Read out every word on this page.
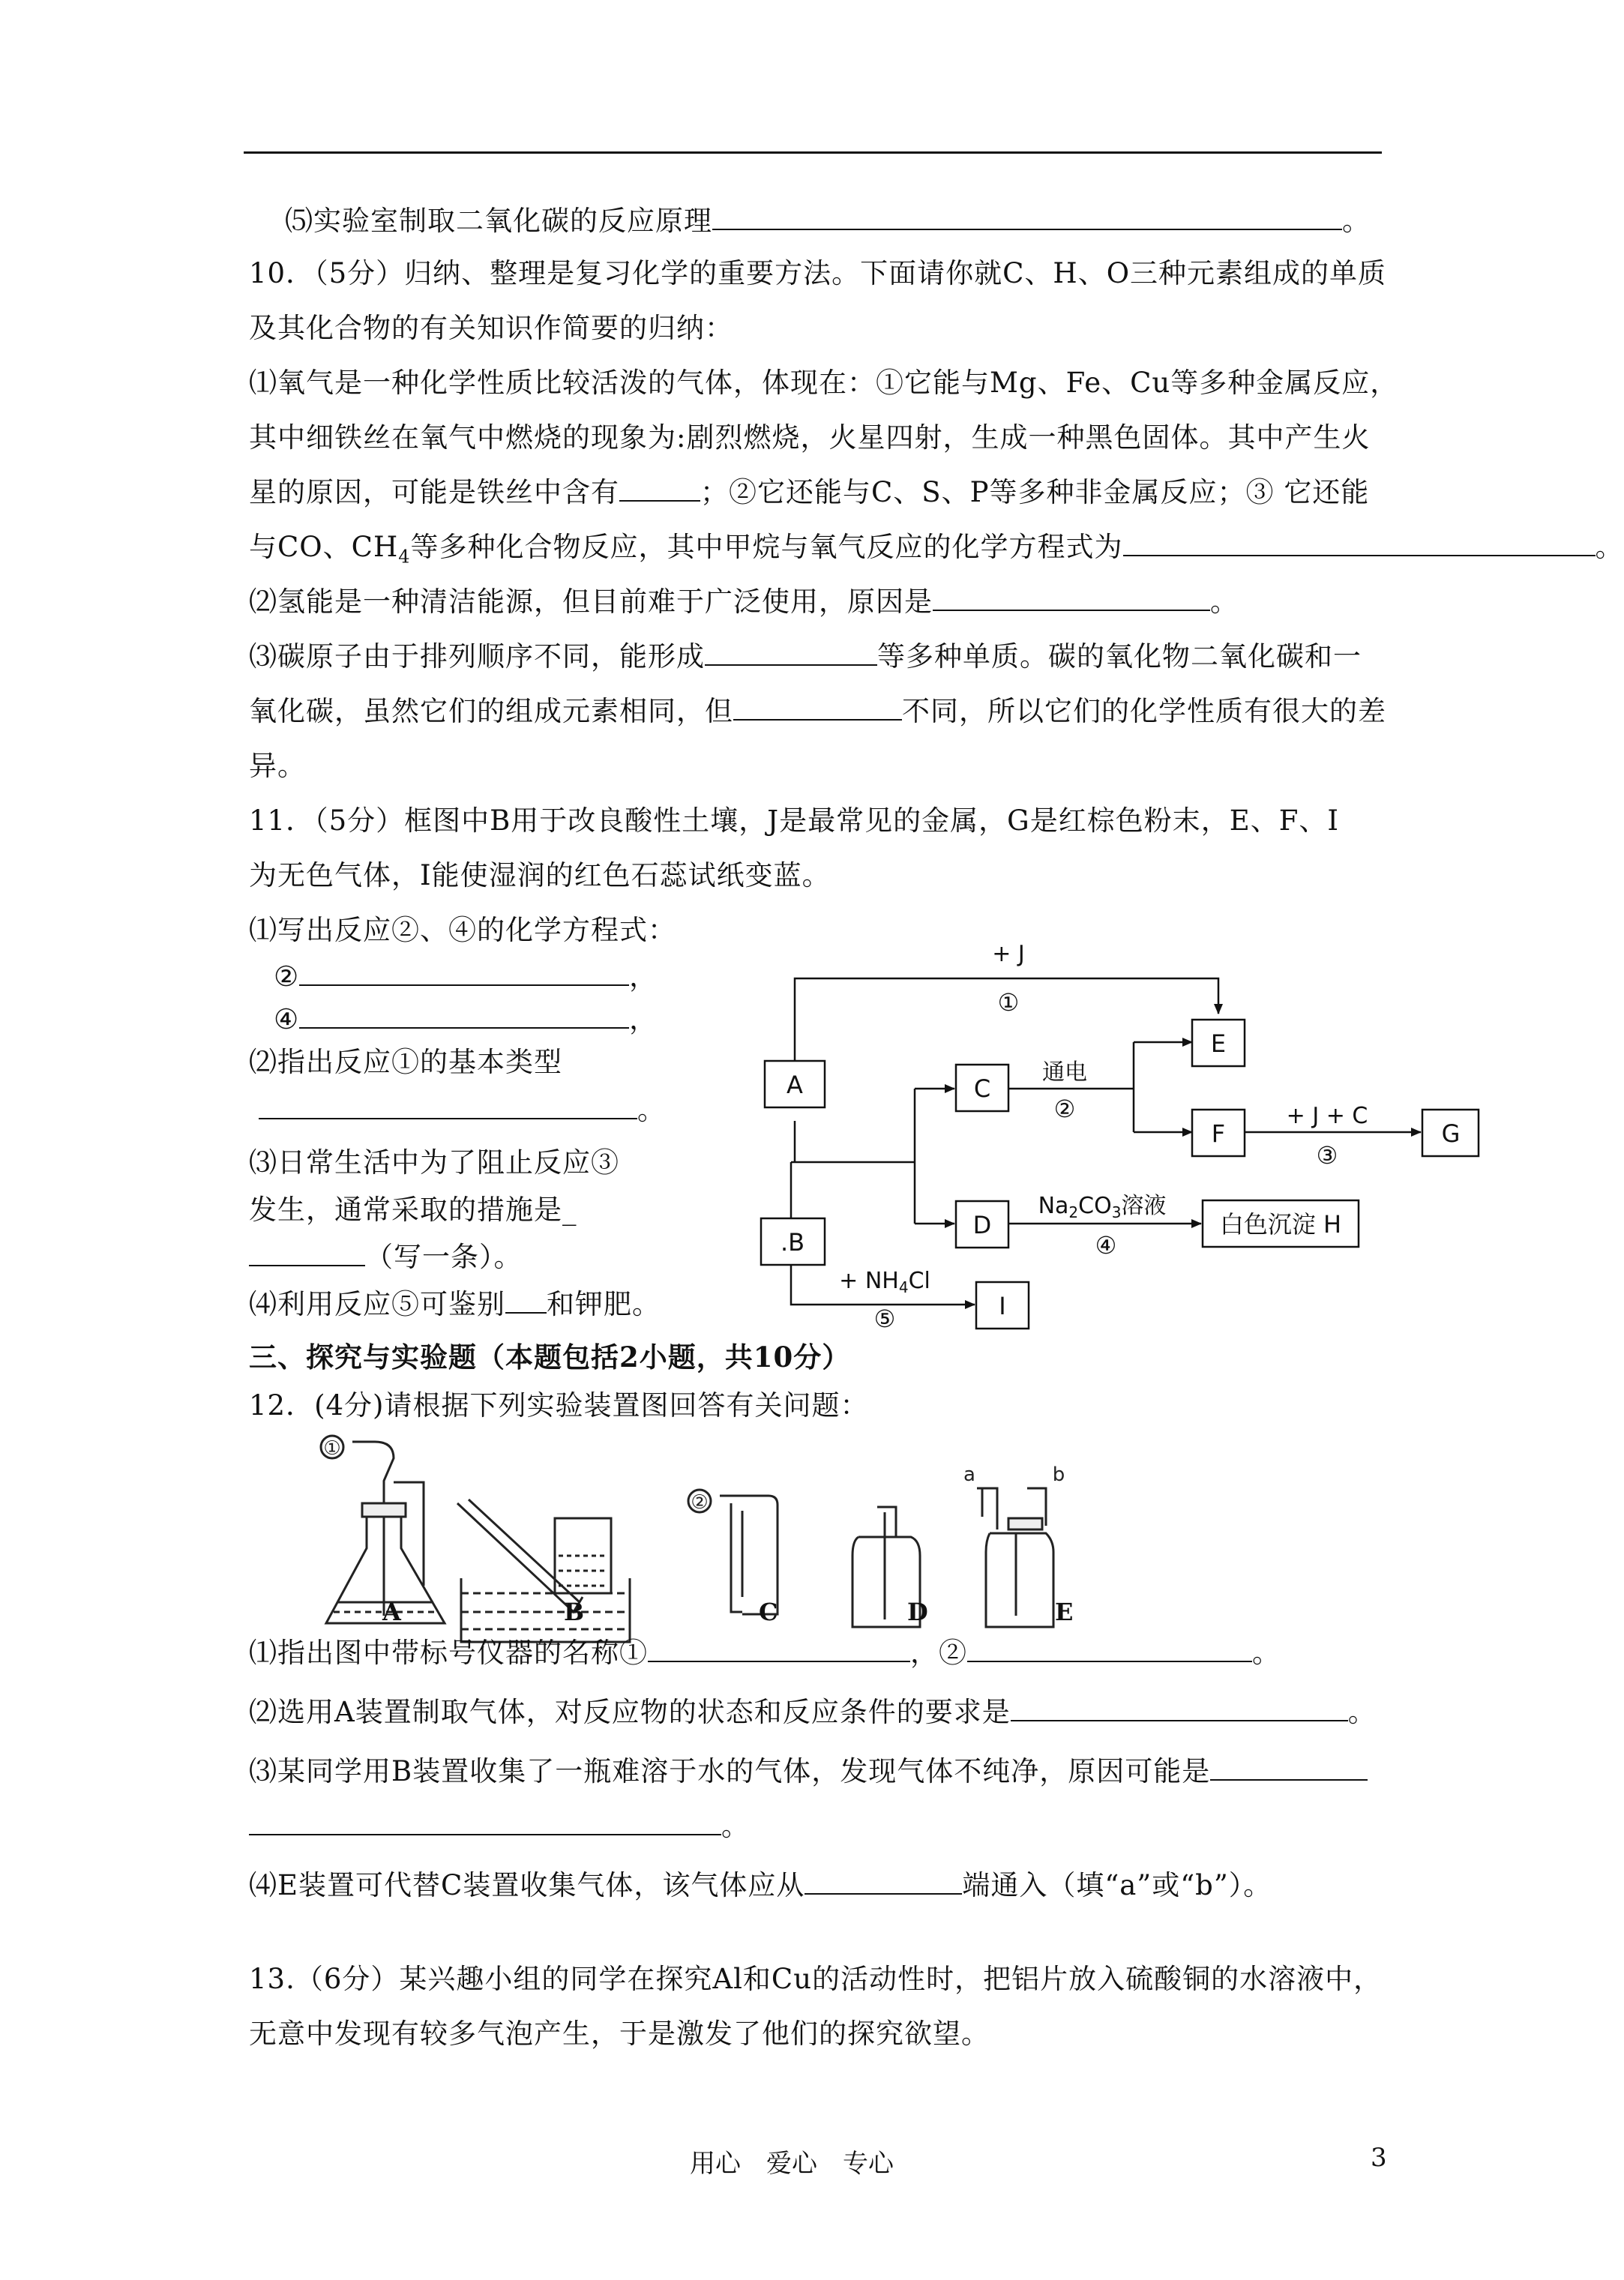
⑸实验室制取二氧化碳的反应原理	。
10．（5分）归纳、整理是复习化学的重要方法。下面请你就C、H、O三种元素组成的单质
及其化合物的有关知识作简要的归纳：
⑴氧气是一种化学性质比较活泼的气体，体现在：①它能与Mg、Fe、Cu等多种金属反应，
其中细铁丝在氧气中燃烧的现象为:剧烈燃烧，火星四射，生成一种黑色固体。其中产生火
星的原因，可能是铁丝中含有	；②它还能与C、S、P等多种非金属反应；③ 它还能
与CO、$CH_4$等多种化合物反应，其中甲烷与氧气反应的化学方程式为	。
⑵氢能是一种清洁能源，但目前难于广泛使用，原因是	。
⑶碳原子由于排列顺序不同，能形成	等多种单质。碳的氧化物二氧化碳和一
氧化碳，虽然它们的组成元素相同，但	不同，所以它们的化学性质有很大的差
异。
11．（5分）框图中B用于改良酸性土壤，J是最常见的金属，G是红棕色粉末，E、F、I
为无色气体，I能使湿润的红色石蕊试纸变蓝。
⑴写出反应②、④的化学方程式：
②	，
④	，
⑵指出反应①的基本类型
。
⑶日常生活中为了阻止反应③
发生，通常采取的措施是_
（写一条）。
⑷利用反应⑤可鉴别 和钾肥。
A
.B
C
D
E
F	G
I
白色沉淀 H
+ J
①
通电
②	+ J + C
③
$Na_2CO_3$溶液
④
+ $NH_4Cl$
⑤
三、探究与实验题（本题包括2小题，共10分）
12．(4分)请根据下列实验装置图回答有关问题：
①
②
a	b
A	B	C	D	E
⑴指出图中带标号仪器的名称①	，②	。
⑵选用A装置制取气体，对反应物的状态和反应条件的要求是	。
⑶某同学用B装置收集了一瓶难溶于水的气体，发现气体不纯净，原因可能是
。
⑷E装置可代替C装置收集气体，该气体应从	端通入（填“a”或“b”）。
13.（6分）某兴趣小组的同学在探究Al和Cu的活动性时，把铝片放入硫酸铜的水溶液中，
无意中发现有较多气泡产生，于是激发了他们的探究欲望。
用心　爱心　专心	3
